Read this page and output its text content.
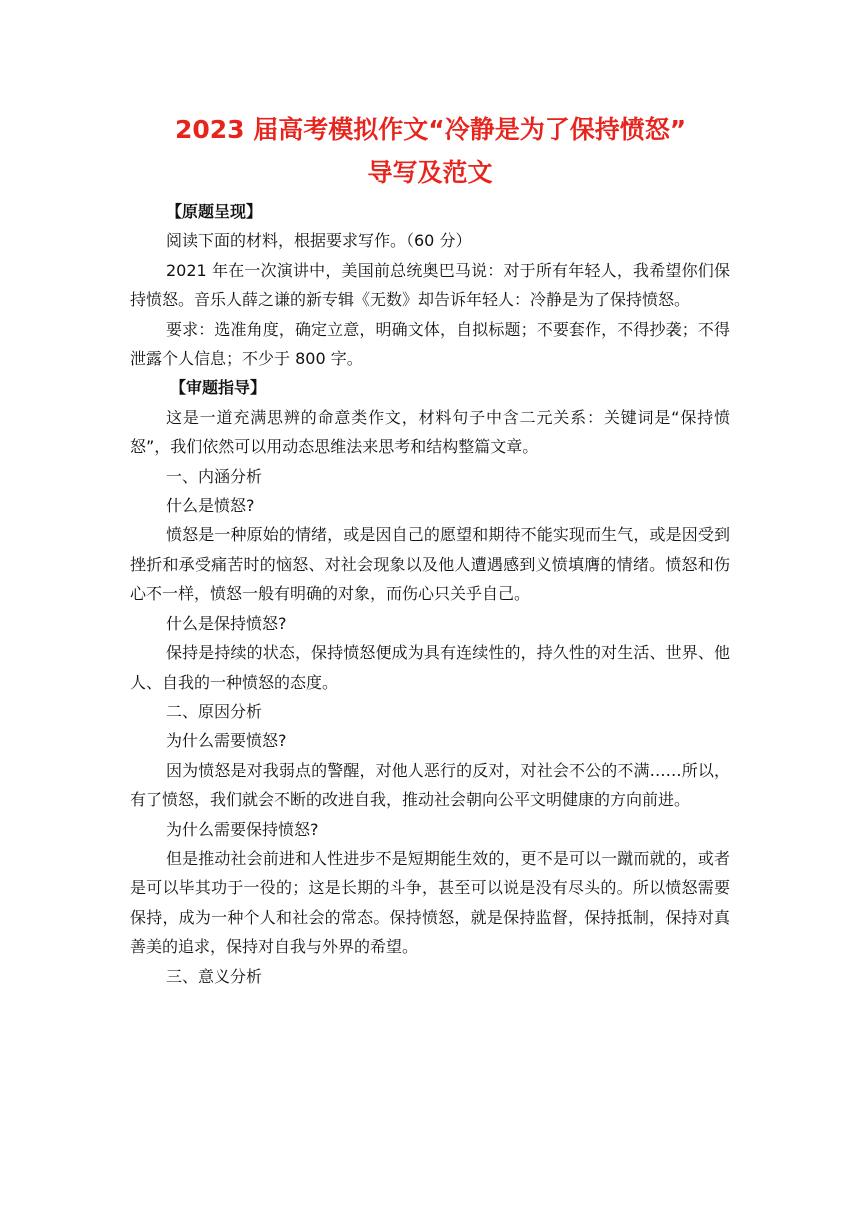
2023 届高考模拟作文“冷静是为了保持愤怒”
导写及范文

【原题呈现】

阅读下面的材料，根据要求写作。（60 分）

2021 年在一次演讲中，美国前总统奥巴马说：对于所有年轻人，我希望你们保持愤怒。音乐人薛之谦的新专辑《无数》却告诉年轻人：冷静是为了保持愤怒。

要求：选准角度，确定立意，明确文体，自拟标题；不要套作，不得抄袭；不得泄露个人信息；不少于 800 字。

【审题指导】

这是一道充满思辨的命意类作文，材料句子中含二元关系：关键词是“保持愤怒”，我们依然可以用动态思维法来思考和结构整篇文章。

一、内涵分析

什么是愤怒?

愤怒是一种原始的情绪，或是因自己的愿望和期待不能实现而生气，或是因受到挫折和承受痛苦时的恼怒、对社会现象以及他人遭遇感到义愤填膺的情绪。愤怒和伤心不一样，愤怒一般有明确的对象，而伤心只关乎自己。

什么是保持愤怒?

保持是持续的状态，保持愤怒便成为具有连续性的，持久性的对生活、世界、他人、自我的一种愤怒的态度。

二、原因分析

为什么需要愤怒?

因为愤怒是对我弱点的警醒，对他人恶行的反对，对社会不公的不满……所以，有了愤怒，我们就会不断的改进自我，推动社会朝向公平文明健康的方向前进。

为什么需要保持愤怒?

但是推动社会前进和人性进步不是短期能生效的，更不是可以一蹴而就的，或者是可以毕其功于一役的；这是长期的斗争，甚至可以说是没有尽头的。所以愤怒需要保持，成为一种个人和社会的常态。保持愤怒，就是保持监督，保持抵制，保持对真善美的追求，保持对自我与外界的希望。

三、意义分析
